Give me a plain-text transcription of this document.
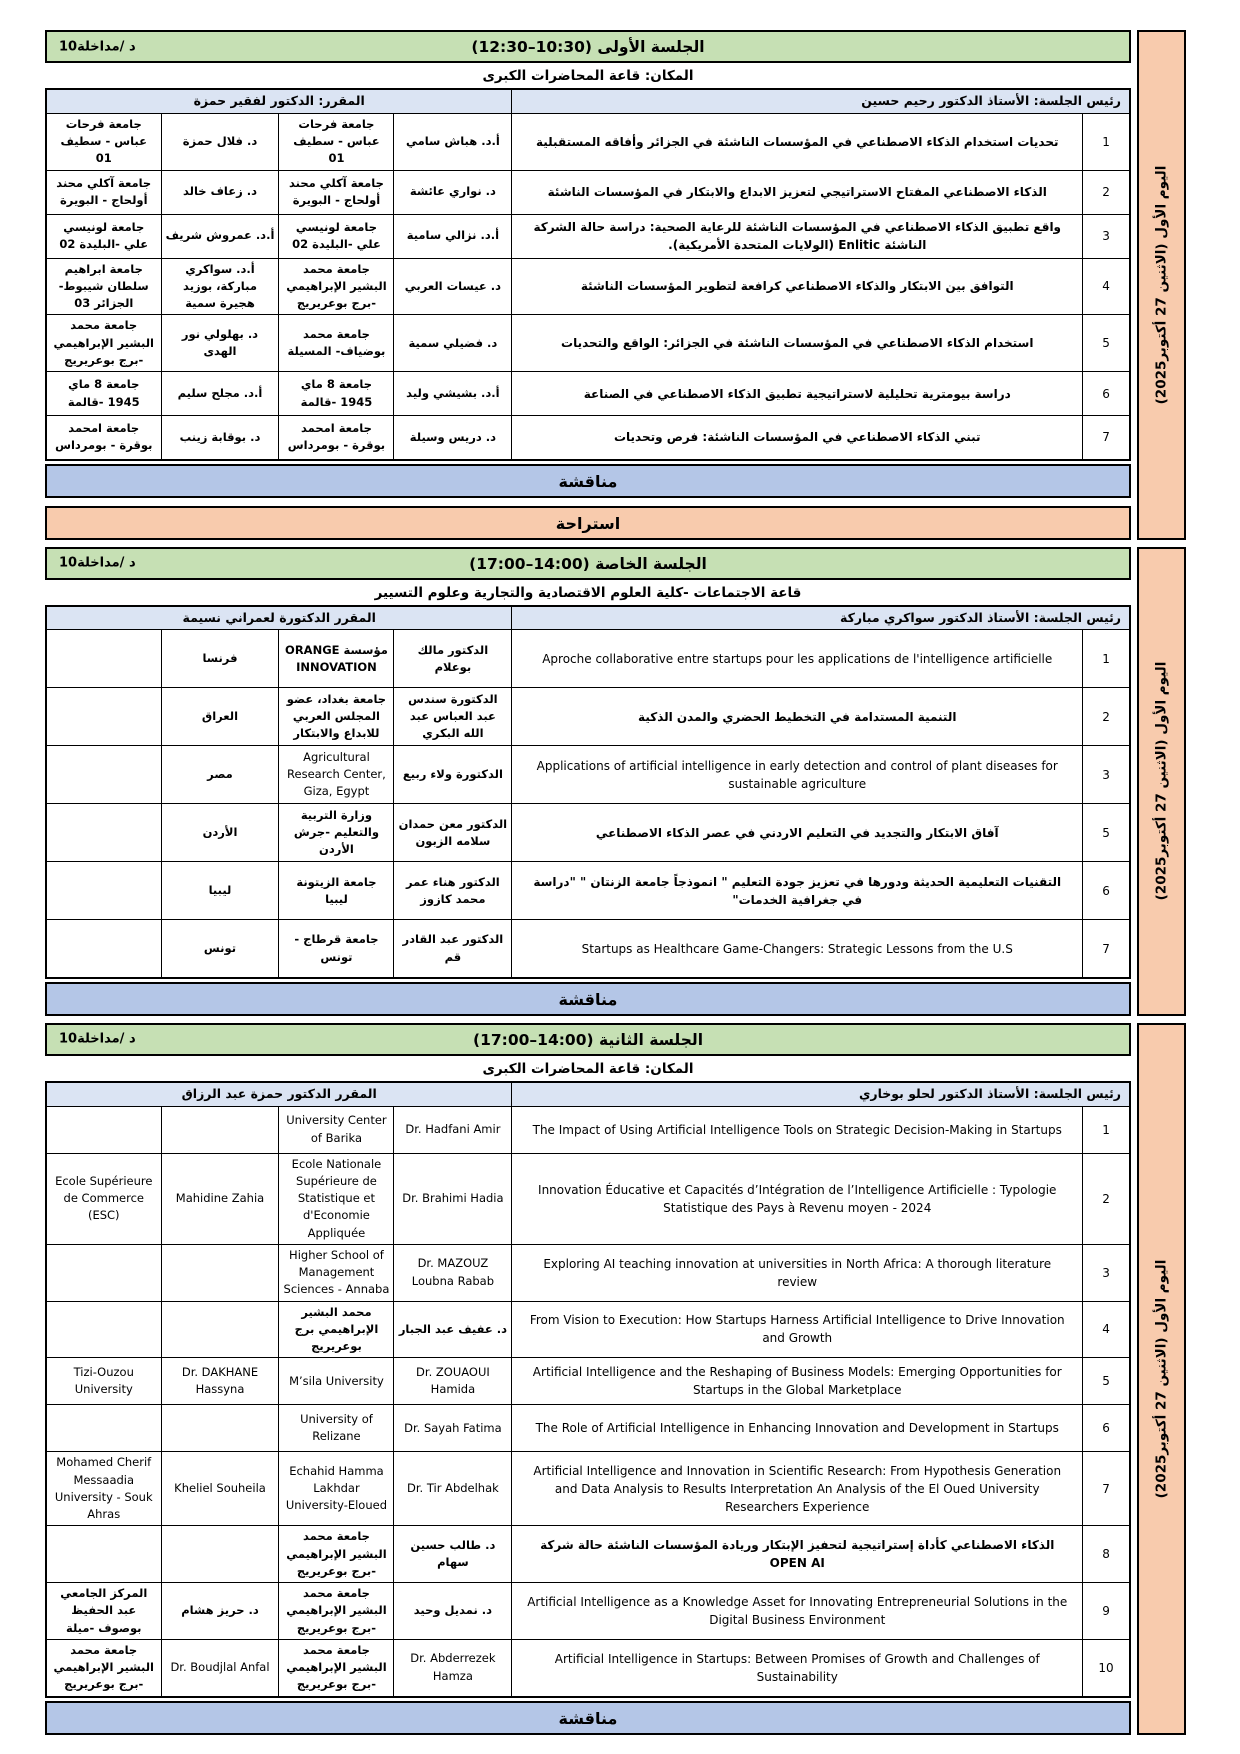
الجلسة الأولى (10:30–12:30)
10د /مداخلة
المكان: قاعة المحاضرات الكبرى
رئيس الجلسة: الأستاذ الدكتور رحيم حسين		المقرر: الدكتور لفقير حمزة			
1	تحديات استخدام الذكاء الاصطناعي في المؤسسات الناشئة في الجزائر وأفاقه المستقبلية	أ.د. هباش سامي	جامعة فرحات عباس - سطيف 01	د. فلال حمزة	جامعة فرحات عباس - سطيف 01
2	الذكاء الاصطناعي المفتاح الاستراتيجي لتعزيز الابداع والابتكار في المؤسسات الناشئة	د. نواري عائشة	جامعة آكلي محند أولحاج - البويرة	د. زعاف خالد	جامعة آكلي محند أولحاج - البويرة
3	واقع تطبيق الذكاء الاصطناعي في المؤسسات الناشئة للرعاية الصحية: دراسة حالة الشركة الناشئة Enlitic (الولايات المتحدة الأمريكية).	أ.د. نزالي سامية	جامعة لونيسي علي -البليدة 02	أ.د. عمروش شريف	جامعة لونيسي علي -البليدة 02
4	التوافق بين الابتكار والذكاء الاصطناعي كرافعة لتطوير المؤسسات الناشئة	د. عيسات العربي	جامعة محمد البشير الإبراهيمي -برج بوعريريج	أ.د. سواكري مباركة، بوزيد هجيرة سمية	جامعة ابراهيم سلطان شيبوط-الجزائر 03
5	استخدام الذكاء الاصطناعي في المؤسسات الناشئة في الجزائر: الواقع والتحديات	د. فضيلي سمية	جامعة محمد بوضياف- المسيلة	د. بهلولي نور الهدى	جامعة محمد البشير الإبراهيمي -برج بوعريريج
6	دراسة بيومترية تحليلية لاستراتيجية تطبيق الذكاء الاصطناعي في الصناعة	أ.د. بشيشي وليد	جامعة 8 ماي 1945 -قالمة	أ.د. مجلح سليم	جامعة 8 ماي 1945 -قالمة
7	تبني الذكاء الاصطناعي في المؤسسات الناشئة: فرص وتحديات	د. دريس وسيلة	جامعة امحمد بوقرة - بومرداس	د. بوقابة زينب	جامعة امحمد بوقرة - بومرداس
مناقشة
استراحة
اليوم الأول (الاثنين 27 أكتوبر2025)
الجلسة الخاصة (14:00–17:00)
10د /مداخلة
قاعة الاجتماعات -كلية العلوم الاقتصادية والتجارية وعلوم التسيير
رئيس الجلسة: الأستاذ الدكتور سواكري مباركة		المقرر الدكتورة لعمراني نسيمة			
1	Aproche collaborative entre startups pour les applications de l'intelligence artificielle	الدكتور مالك بوعلام	مؤسسة ORANGE INNOVATION	فرنسا	
2	التنمية المستدامة في التخطيط الحضري والمدن الذكية	الدكتورة سندس عبد العباس عبد الله البكري	جامعة بغداد، عضو المجلس العربي للابداع والابتكار	العراق	
3	Applications of artificial intelligence in early detection and control of plant diseases for sustainable agriculture	الدكتورة ولاء ربيع	Agricultural Research Center, Giza, Egypt	مصر	
5	آفاق الابتكار والتجديد في التعليم الاردني في عصر الذكاء الاصطناعي	الدكتور معن حمدان سلامه الزبون	وزارة التربية والتعليم -جرش الأردن	الأردن	
6	التقنيات التعليمية الحديثة ودورها في تعزيز جودة التعليم " انموذجاً جامعة الزنتان " "دراسة في جغرافية الخدمات"	الدكتور هناء عمر محمد كازوز	جامعة الزيتونة ليبيا	ليبيا	
7	Startups as Healthcare Game-Changers: Strategic Lessons from the U.S	الدكتور عبد القادر قم	جامعة قرطاج - تونس	تونس	
مناقشة
اليوم الأول (الاثنين 27 أكتوبر2025)
الجلسة الثانية (14:00–17:00)
10د /مداخلة
المكان: قاعة المحاضرات الكبرى
رئيس الجلسة: الأستاذ الدكتور لحلو بوخاري		المقرر الدكتور حمزة عبد الرزاق			
1	The Impact of Using Artificial Intelligence Tools on Strategic Decision-Making in Startups	Dr. Hadfani Amir	University Center of Barika		
2	Innovation Éducative et Capacités d’Intégration de l’Intelligence Artificielle : Typologie Statistique des Pays à Revenu moyen - 2024	Dr. Brahimi Hadia	Ecole Nationale Supérieure de Statistique et d'Economie Appliquée	Mahidine Zahia	Ecole Supérieure de Commerce (ESC)
3	Exploring AI teaching innovation at universities in North Africa: A thorough literature review	Dr. MAZOUZ Loubna Rabab	Higher School of Management Sciences - Annaba		
4	From Vision to Execution: How Startups Harness Artificial Intelligence to Drive Innovation and Growth	د. عفيف عبد الجبار	محمد البشير الإبراهيمي برج بوعريريج		
5	Artificial Intelligence and the Reshaping of Business Models: Emerging Opportunities for Startups in the Global Marketplace	Dr. ZOUAOUI Hamida	M’sila University	Dr. DAKHANE Hassyna	Tizi-Ouzou University
6	The Role of Artificial Intelligence in Enhancing Innovation and Development in Startups	Dr. Sayah Fatima	University of Relizane		
7	Artificial Intelligence and Innovation in Scientific Research: From Hypothesis Generation and Data Analysis to Results Interpretation An Analysis of the El Oued University Researchers Experience	Dr. Tir Abdelhak	Echahid Hamma Lakhdar University-Eloued	Kheliel Souheila	Mohamed Cherif Messaadia University - Souk Ahras
8	الذكاء الاصطناعي كأداة إستراتيجية لتحفيز الإبتكار وريادة المؤسسات الناشئة حالة شركة OPEN AI	د. طالب حسين سهام	جامعة محمد البشير الإبراهيمي -برج بوعريريج		
9	Artificial Intelligence as a Knowledge Asset for Innovating Entrepreneurial Solutions in the Digital Business Environment	د. نمديل وحيد	جامعة محمد البشير الإبراهيمي -برج بوعريريج	د. حريز هشام	المركز الجامعي عبد الحفيظ بوصوف -ميلة
10	Artificial Intelligence in Startups: Between Promises of Growth and Challenges of Sustainability	Dr. Abderrezek Hamza	جامعة محمد البشير الإبراهيمي -برج بوعريريج	Dr. Boudjlal Anfal	جامعة محمد البشير الإبراهيمي -برج بوعريريج
مناقشة
اليوم الأول (الاثنين 27 أكتوبر2025)
